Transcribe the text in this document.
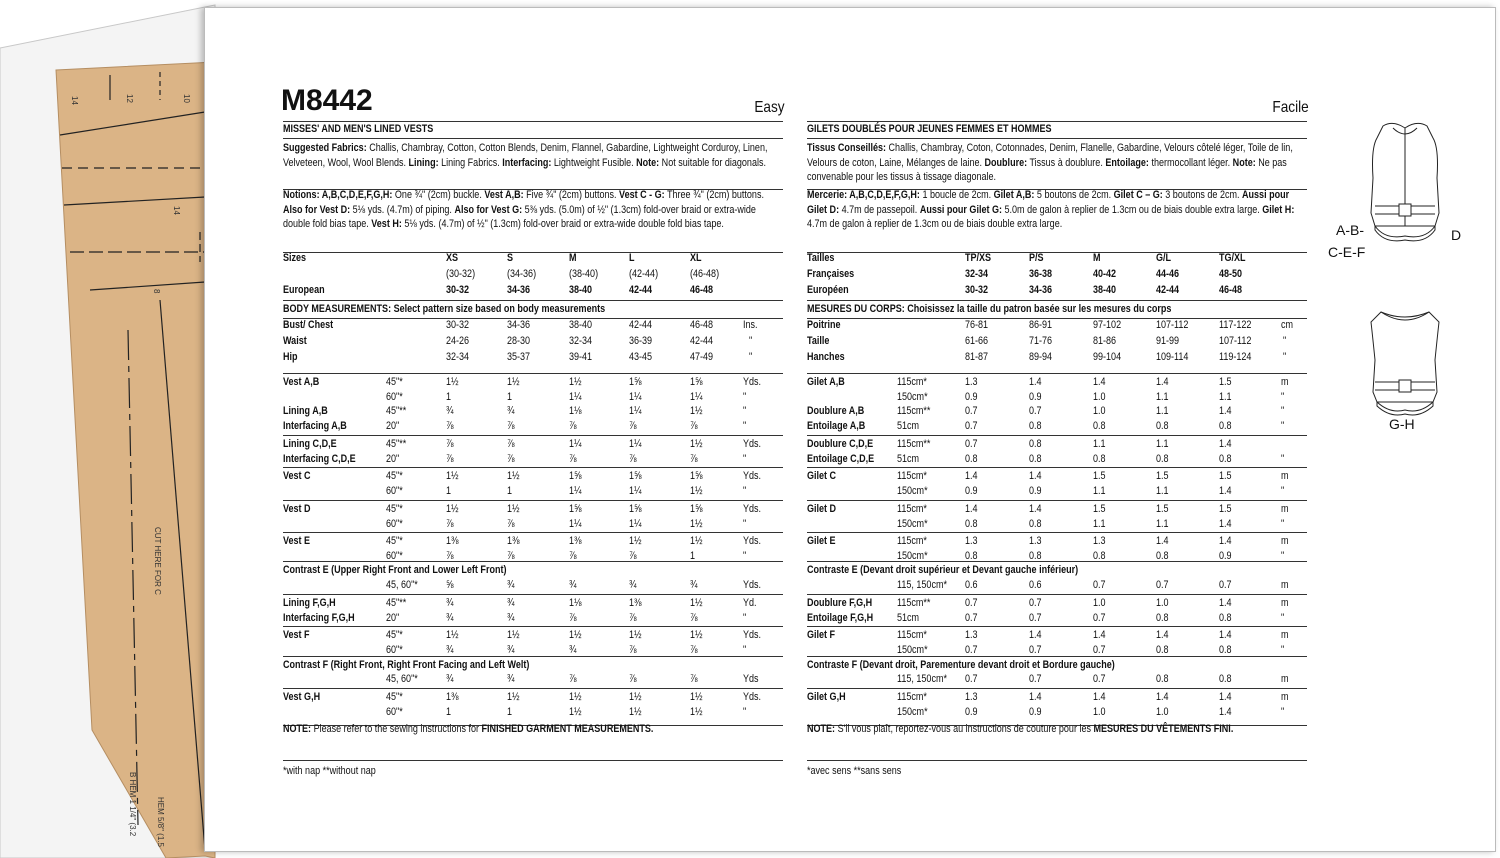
14	12	10
14
8
CUT HERE FOR C
B HEM 1 1/4" (3.2 HEM 5/8" (1.5
M8442	Easy
MISSES' AND MEN'S LINED VESTS
Suggested Fabrics: Challis, Chambray, Cotton, Cotton Blends, Denim, Flannel, Gabardine, Lightweight Corduroy, Linen, Velveteen, Wool, Wool Blends. Lining: Lining Fabrics. Interfacing: Lightweight Fusible. Note: Not suitable for diagonals.
Notions: A,B,C,D,E,F,G,H: One ¾" (2cm) buckle. Vest A,B: Five ¾" (2cm) buttons. Vest C - G: Three ¾" (2cm) buttons. Also for Vest D: 5⅛ yds. (4.7m) of piping. Also for Vest G: 5⅜ yds. (5.0m) of ½" (1.3cm) fold-over braid or extra-wide double fold bias tape. Vest H: 5⅛ yds. (4.7m) of ½" (1.3cm) fold-over braid or extra-wide double fold bias tape.
Sizes	XS	S	M	L	XL
(30-32)	(34-36)	(38-40)	(42-44)	(46-48)
European	30-32	34-36	38-40	42-44	46-48
BODY MEASUREMENTS: Select pattern size based on body measurements
Bust/ Chest	30-32	34-36	38-40	42-44	46-48	Ins.
Waist	24-26	28-30	32-34	36-39	42-44	"
Hip	32-34	35-37	39-41	43-45	47-49	"
Vest A,B	45"*	1½	1½	1½	1⅝	1⅝	Yds.
60"*	1	1	1¼	1¼	1¼	"
Lining A,B	45"**	¾	¾	1⅛	1¼	1½	"
Interfacing A,B	20"	⅞	⅞	⅞	⅞	⅞	"
Lining C,D,E	45"**	⅞	⅞	1¼	1¼	1½	Yds.
Interfacing C,D,E	20"	⅞	⅞	⅞	⅞	⅞	"
Vest C	45"*	1½	1½	1⅝	1⅝	1⅝	Yds.
60"*	1	1	1¼	1¼	1½	"
Vest D	45"*	1½	1½	1⅝	1⅝	1⅝	Yds.
60"*	⅞	⅞	1¼	1¼	1½	"
Vest E	45"*	1⅜	1⅜	1⅜	1½	1½	Yds.
60"*	⅞	⅞	⅞	⅞	1	"
Contrast E (Upper Right Front and Lower Left Front)
45, 60"*	⅝	¾	¾	¾	¾	Yds.
Lining F,G,H	45"**	¾	¾	1⅛	1⅜	1½	Yd.
Interfacing F,G,H	20"	¾	¾	⅞	⅞	⅞	"
Vest F	45"*	1½	1½	1½	1½	1½	Yds.
60"*	¾	¾	¾	⅞	⅞	"
Contrast F (Right Front, Right Front Facing and Left Welt)
45, 60"*	¾	¾	⅞	⅞	⅞	Yds
Vest G,H	45"*	1⅜	1½	1½	1½	1½	Yds.
60"*	1	1	1½	1½	1½	"
NOTE: Please refer to the sewing instructions for FINISHED GARMENT MEASUREMENTS.
*with nap **without nap
Facile
GILETS DOUBLÉS POUR JEUNES FEMMES ET HOMMES
Tissus Conseillés: Challis, Chambray, Coton, Cotonnades, Denim, Flanelle, Gabardine, Velours côtelé léger, Toile de lin, Velours de coton, Laine, Mélanges de laine. Doublure: Tissus à doublure. Entoilage: thermocollant léger. Note: Ne pas convenable pour les tissus à tissage diagonale.
Mercerie: A,B,C,D,E,F,G,H: 1 boucle de 2cm. Gilet A,B: 5 boutons de 2cm. Gilet C – G: 3 boutons de 2cm. Aussi pour Gilet D: 4.7m de passepoil. Aussi pour Gilet G: 5.0m de galon à replier de 1.3cm ou de biais double extra large. Gilet H: 4.7m de galon à replier de 1.3cm ou de biais double extra large.
Tailles	TP/XS	P/S	M	G/L	TG/XL
Françaises	32-34	36-38	40-42	44-46	48-50
Européen	30-32	34-36	38-40	42-44	46-48
MESURES DU CORPS: Choisissez la taille du patron basée sur les mesures du corps
Poitrine	76-81	86-91	97-102	107-112	117-122	cm
Taille	61-66	71-76	81-86	91-99	107-112	"
Hanches	81-87	89-94	99-104	109-114	119-124	"
Gilet A,B	115cm*	1.3	1.4	1.4	1.4	1.5	m
150cm*	0.9	0.9	1.0	1.1	1.1	"
Doublure A,B	115cm**	0.7	0.7	1.0	1.1	1.4	"
Entoilage A,B	51cm	0.7	0.8	0.8	0.8	0.8	"
Doublure C,D,E 115cm**	0.7	0.8	1.1	1.1	1.4
Entoilage C,D,E 51cm	0.8	0.8	0.8	0.8	0.8	"
Gilet C	115cm*	1.4	1.4	1.5	1.5	1.5	m
150cm*	0.9	0.9	1.1	1.1	1.4	"
Gilet D	115cm*	1.4	1.4	1.5	1.5	1.5	m
150cm*	0.8	0.8	1.1	1.1	1.4	"
Gilet E	115cm*	1.3	1.3	1.3	1.4	1.4	m
150cm*	0.8	0.8	0.8	0.8	0.9	"
Contraste E (Devant droit supérieur et Devant gauche inférieur)
115, 150cm* 0.6	0.6	0.7	0.7	0.7	m
Doublure F,G,H 115cm**	0.7	0.7	1.0	1.0	1.4	m
Entoilage F,G,H 51cm	0.7	0.7	0.7	0.8	0.8	"
Gilet F	115cm*	1.3	1.4	1.4	1.4	1.4	m
150cm*	0.7	0.7	0.7	0.8	0.8	"
Contraste F (Devant droit, Parementure devant droit et Bordure gauche)
115, 150cm* 0.7	0.7	0.7	0.8	0.8	m
Gilet G,H	115cm*	1.3	1.4	1.4	1.4	1.4	m
150cm*	0.9	0.9	1.0	1.0	1.4	"
NOTE: S'il vous plaît, reportez-vous au instructions de couture pour les MESURES DU VÊTEMENTS FINI.
*avec sens **sans sens
A-B-
C-E-F
D
G-H
